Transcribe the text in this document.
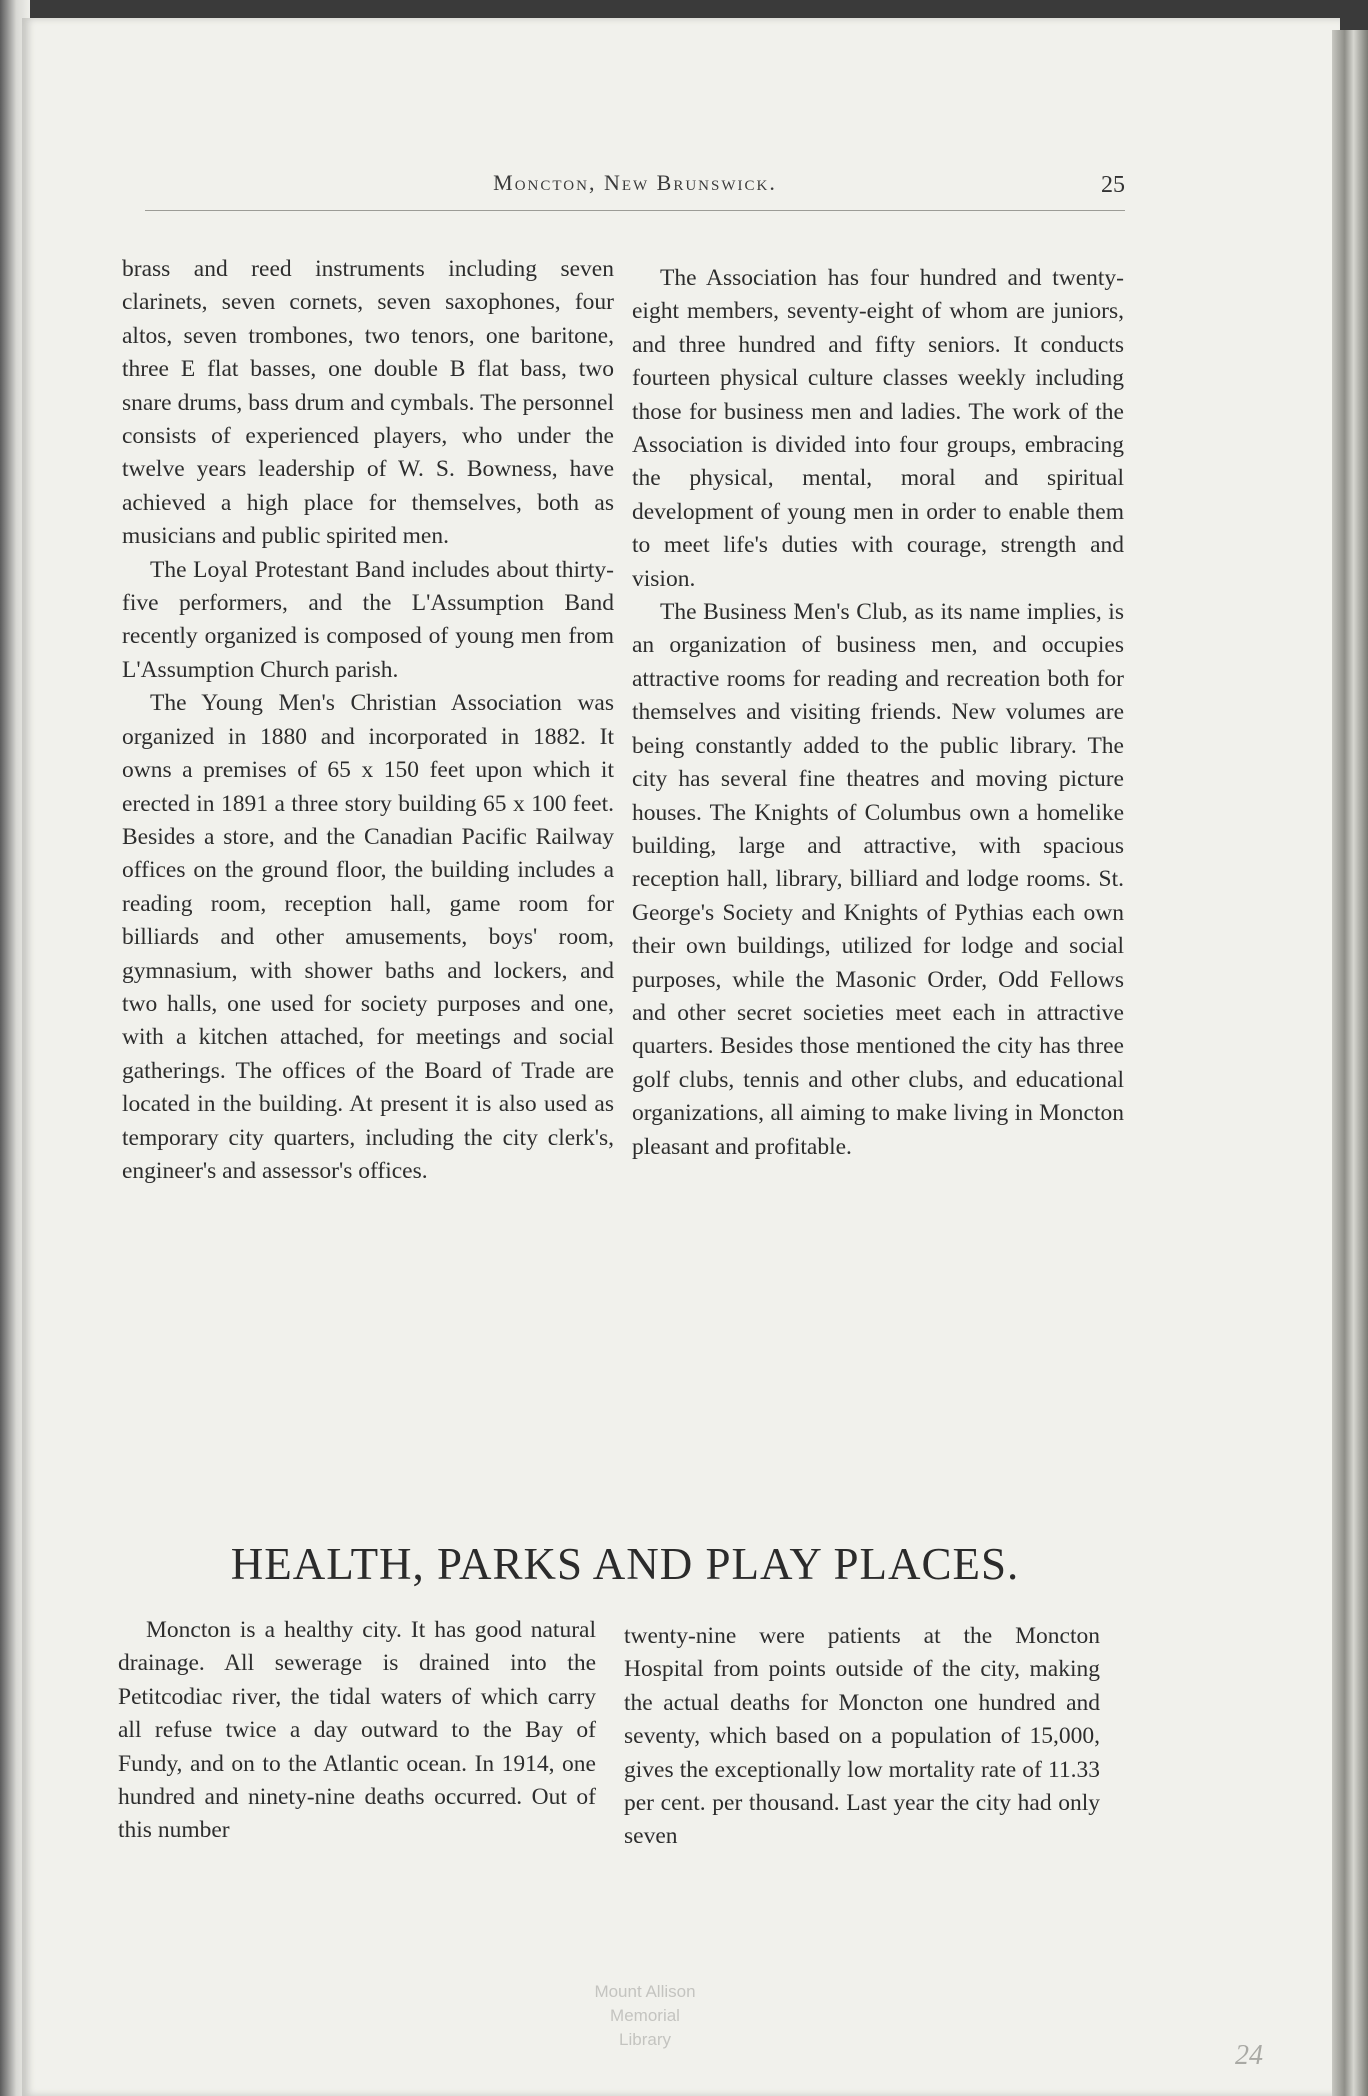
Moncton, New Brunswick.	25

brass and reed instruments including seven clarinets, seven cornets, seven saxophones, four altos, seven trombones, two tenors, one baritone, three E flat basses, one double B flat bass, two snare drums, bass drum and cymbals. The personnel consists of experienced players, who under the twelve years leadership of W. S. Bowness, have achieved a high place for themselves, both as musicians and public spirited men.

The Loyal Protestant Band includes about thirty-five performers, and the L'Assumption Band recently organized is composed of young men from L'Assumption Church parish.

The Young Men's Christian Association was organized in 1880 and incorporated in 1882. It owns a premises of 65 x 150 feet upon which it erected in 1891 a three story building 65 x 100 feet. Besides a store, and the Canadian Pacific Railway offices on the ground floor, the building includes a reading room, reception hall, game room for billiards and other amusements, boys' room, gymnasium, with shower baths and lockers, and two halls, one used for society purposes and one, with a kitchen attached, for meetings and social gatherings. The offices of the Board of Trade are located in the building. At present it is also used as temporary city quarters, including the city clerk's, engineer's and assessor's offices.

The Association has four hundred and twenty-eight members, seventy-eight of whom are juniors, and three hundred and fifty seniors. It conducts fourteen physical culture classes weekly including those for business men and ladies. The work of the Association is divided into four groups, embracing the physical, mental, moral and spiritual development of young men in order to enable them to meet life's duties with courage, strength and vision.

The Business Men's Club, as its name implies, is an organization of business men, and occupies attractive rooms for reading and recreation both for themselves and visiting friends. New volumes are being constantly added to the public library. The city has several fine theatres and moving picture houses. The Knights of Columbus own a homelike building, large and attractive, with spacious reception hall, library, billiard and lodge rooms. St. George's Society and Knights of Pythias each own their own buildings, utilized for lodge and social purposes, while the Masonic Order, Odd Fellows and other secret societies meet each in attractive quarters. Besides those mentioned the city has three golf clubs, tennis and other clubs, and educational organizations, all aiming to make living in Moncton pleasant and profitable.

HEALTH, PARKS AND PLAY PLACES.

Moncton is a healthy city. It has good natural drainage. All sewerage is drained into the Petitcodiac river, the tidal waters of which carry all refuse twice a day outward to the Bay of Fundy, and on to the Atlantic ocean. In 1914, one hundred and ninety-nine deaths occurred. Out of this number

twenty-nine were patients at the Moncton Hospital from points outside of the city, making the actual deaths for Moncton one hundred and seventy, which based on a population of 15,000, gives the exceptionally low mortality rate of 11.33 per cent. per thousand. Last year the city had only seven

Mount Allison
Memorial
Library
24
